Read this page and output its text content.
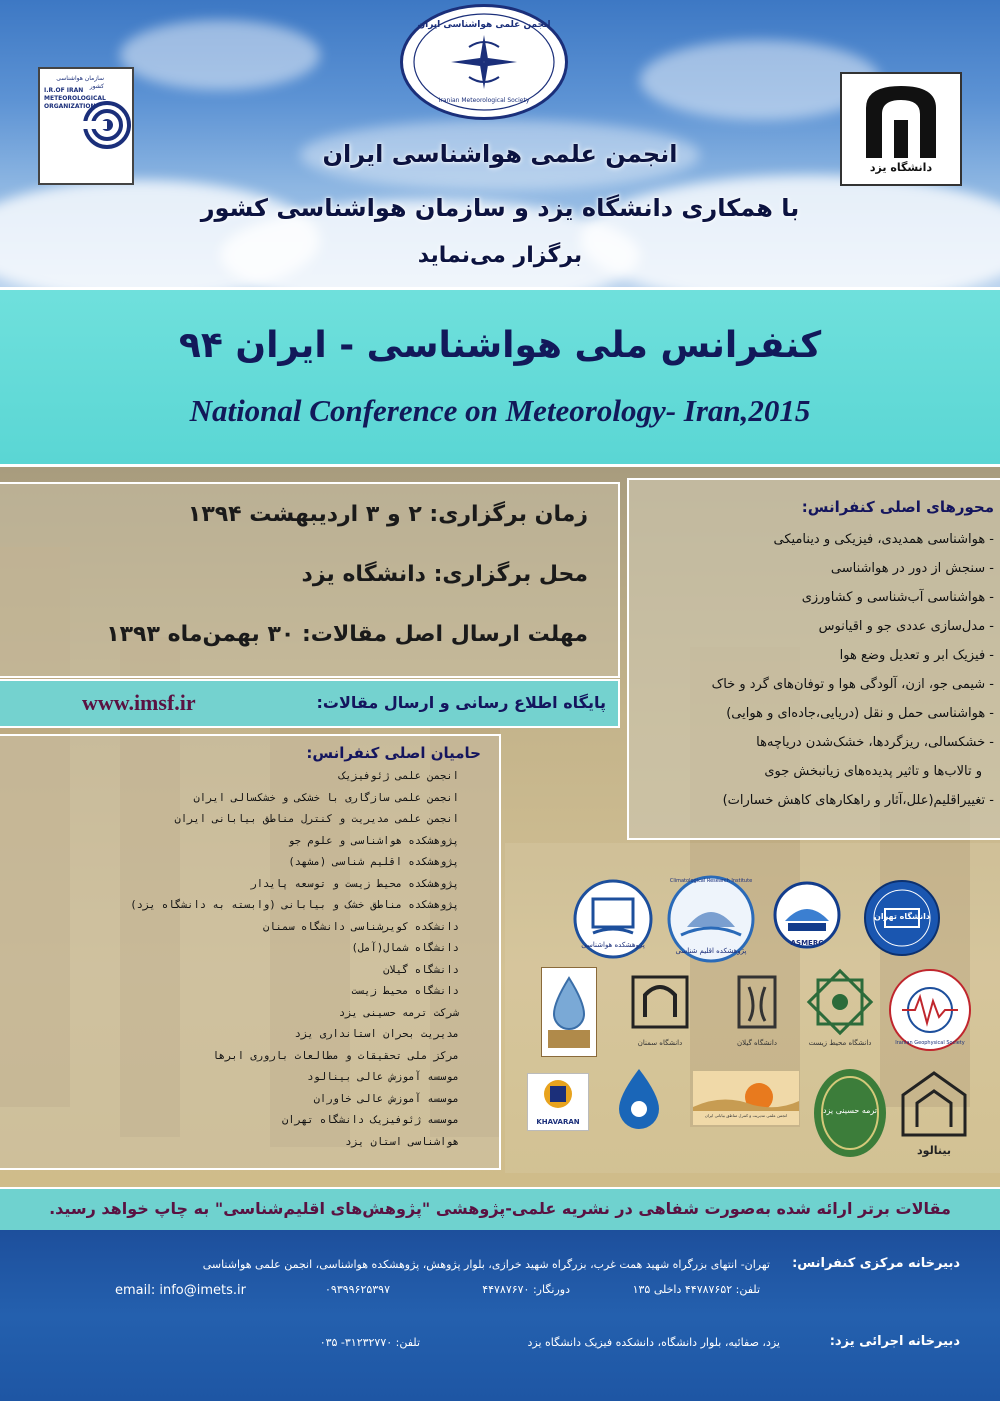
انجمن علمی هواشناسی ایران
Iranian Meteorological Society
سازمان هواشناسی کشور
I.R.OF IRAN METEOROLOGICAL ORGANIZATION
دانشگاه یزد
انجمن علمی هواشناسی ایران
با همکاری دانشگاه یزد و سازمان هواشناسی کشور
برگزار می‌نماید
کنفرانس ملی هواشناسی - ایران ۹۴
National Conference on Meteorology- Iran,2015
زمان برگزاری: ۲ و ۳ اردیبهشت ۱۳۹۴
محل برگزاری: دانشگاه یزد
مهلت ارسال اصل مقالات: ۳۰ بهمن‌ماه ۱۳۹۳
محورهای اصلی کنفرانس:
- هواشناسی همدیدی، فیزیکی و دینامیکی
- سنجش از دور در هواشناسی
- هواشناسی آب‌شناسی و کشاورزی
- مدل‌سازی عددی جو و اقیانوس
- فیزیک ابر و تعدیل وضع هوا
- شیمی جو، ازن، آلودگی هوا و توفان‌های گرد و خاک
- هواشناسی حمل و نقل (دریایی،جاده‌ای و هوایی)
- خشکسالی، ریزگردها، خشک‌شدن دریاچه‌ها
و تالاب‌ها و تاثیر پدیده‌های زیانبخش جوی
- تغییراقلیم(علل،آثار و راهکارهای کاهش خسارات)
پایگاه اطلاع رسانی و ارسال مقالات:
www.imsf.ir
حامیان اصلی کنفرانس:
انجمن علمی ژئوفیزیک
انجمن علمی سازگاری با خشکی و خشکسالی ایران
انجمن علمی مدیریت و کنترل مناطق بیابانی ایران
پژوهشکده هواشناسی و علوم جو
پژوهشکده اقلیم شناسی (مشهد)
پژوهشکده محیط زیست و توسعه پایدار
پژوهشکده مناطق خشک و بیابانی (وابسته به دانشگاه یزد)
دانشکده کویرشناسی دانشگاه سمنان
دانشگاه شمال(آمل)
دانشگاه گیلان
دانشگاه محیط زیست
شرکت ترمه حسینی یزد
مدیریت بحران استانداری یزد
مرکز ملی تحقیقات و مطالعات باروری ابرها
موسسه آموزش عالی بینالود
موسسه آموزش عالی خاوران
موسسه ژئوفیزیک دانشگاه تهران
هواشناسی استان یزد
دانشگاه تهران
ASMERC
Climatological Research Institute
پژوهشکده اقلیم شناسی
پژوهشکده هواشناسی
Iranian Geophysical Society
دانشگاه محیط زیست
دانشگاه گیلان
دانشگاه سمنان
بینالود
ترمه حسینی یزد
انجمن علمی مدیریت و کنترل مناطق بیابانی ایران
KHAVARAN
مقالات برتر ارائه شده به‌صورت شفاهی در نشریه علمی-پژوهشی "پژوهش‌های اقلیم‌شناسی" به چاپ خواهد رسید.
دبیرخانه مرکزی کنفرانس:
تهران- انتهای بزرگراه شهید همت غرب، بزرگراه شهید خرازی، بلوار پژوهش، پژوهشکده هواشناسی، انجمن علمی هواشناسی
تلفن: ۴۴۷۸۷۶۵۲ داخلی ۱۳۵
دورنگار: ۴۴۷۸۷۶۷۰
۰۹۳۹۹۶۲۵۳۹۷
email: info@imets.ir
دبیرخانه اجرائی یزد:
یزد، صفائیه، بلوار دانشگاه، دانشکده فیزیک دانشگاه یزد
تلفن: ۳۱۲۳۲۷۷۰- ۰۳۵
